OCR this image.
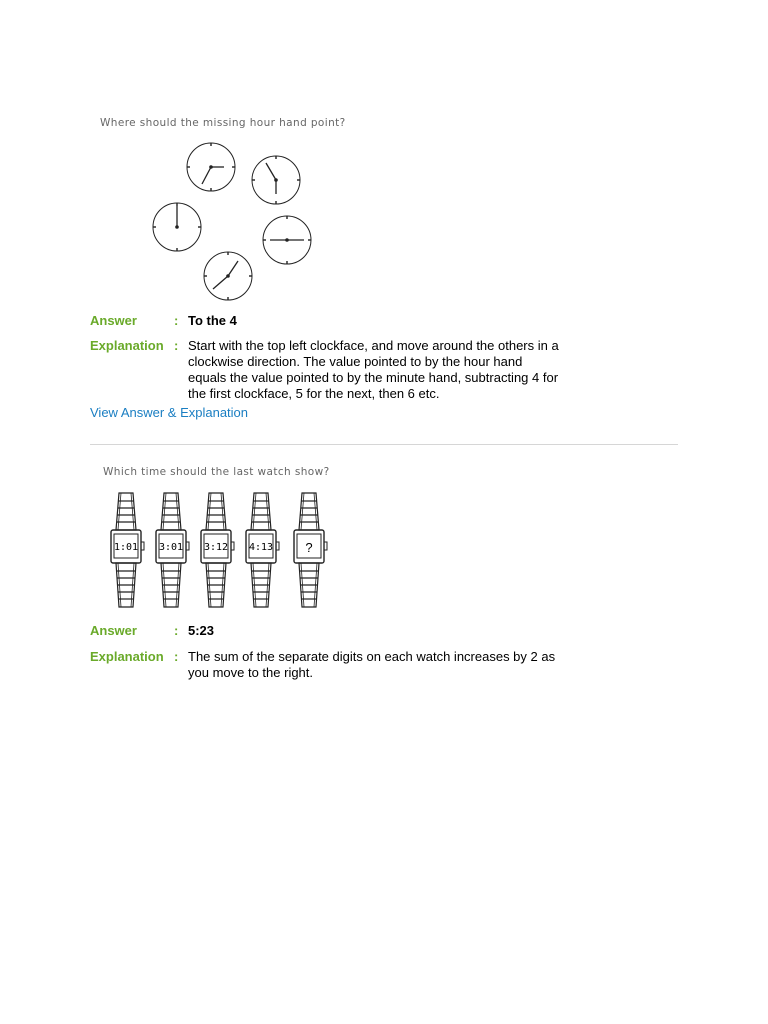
Where should the missing hour hand point?
Answer	: To the 4
Explanation : Start with the top left clockface, and move around the others in a clockwise direction. The value pointed to by the hour hand equals the value pointed to by the minute hand, subtracting 4 for the first clockface, 5 for the next, then 6 etc.
View Answer & Explanation
Which time should the last watch show?
1:01 3:01 3:12 4:13 ?
Answer	: 5:23
Explanation : The sum of the separate digits on each watch increases by 2 as you move to the right.
